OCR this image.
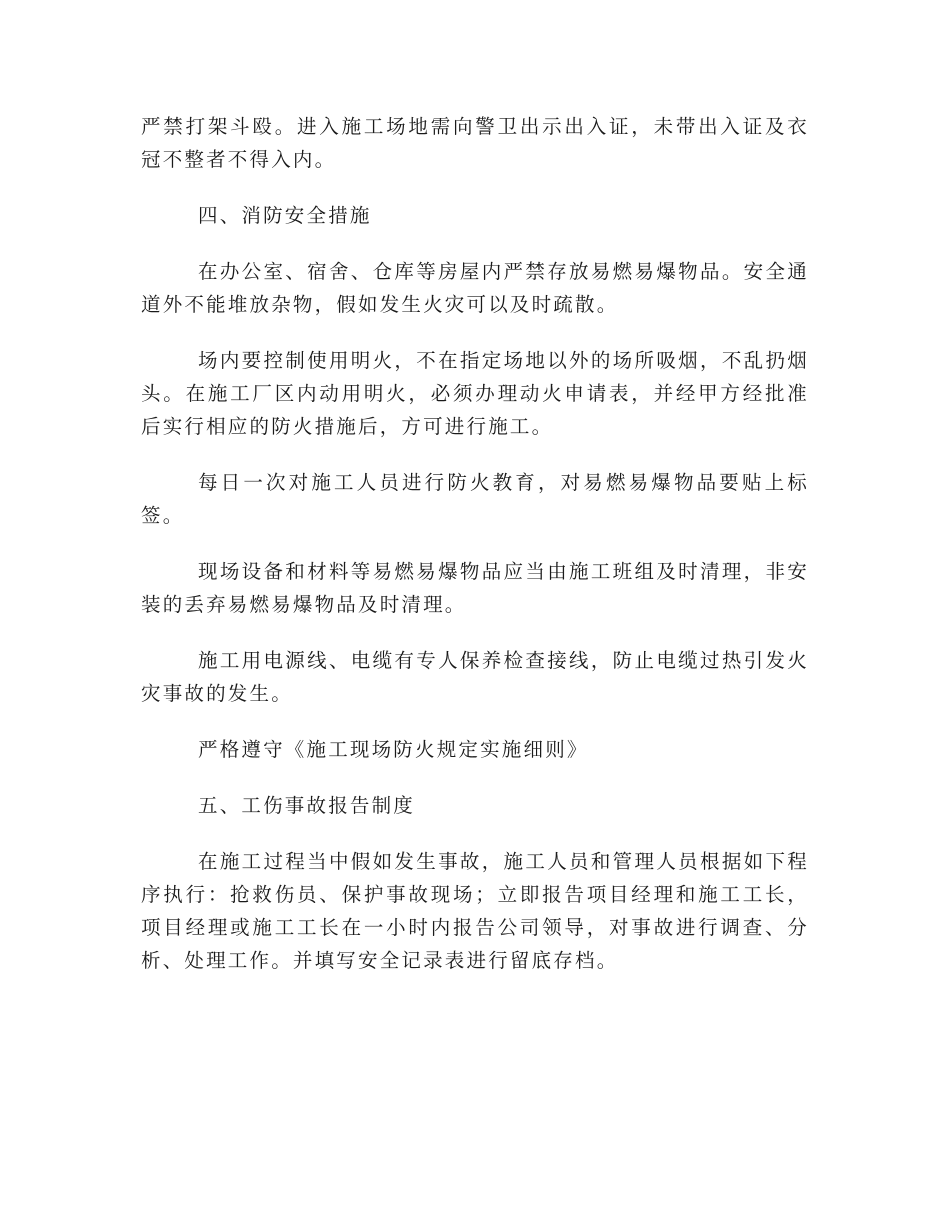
严禁打架斗殴。进入施工场地需向警卫出示出入证，未带出入证及衣冠不整者不得入内。

四、消防安全措施

在办公室、宿舍、仓库等房屋内严禁存放易燃易爆物品。安全通道外不能堆放杂物，假如发生火灾可以及时疏散。

场内要控制使用明火，不在指定场地以外的场所吸烟，不乱扔烟头。在施工厂区内动用明火，必须办理动火申请表，并经甲方经批准后实行相应的防火措施后，方可进行施工。

每日一次对施工人员进行防火教育，对易燃易爆物品要贴上标签。

现场设备和材料等易燃易爆物品应当由施工班组及时清理，非安装的丢弃易燃易爆物品及时清理。

施工用电源线、电缆有专人保养检查接线，防止电缆过热引发火灾事故的发生。

严格遵守《施工现场防火规定实施细则》

五、工伤事故报告制度

在施工过程当中假如发生事故，施工人员和管理人员根据如下程序执行：抢救伤员、保护事故现场；立即报告项目经理和施工工长，项目经理或施工工长在一小时内报告公司领导，对事故进行调查、分析、处理工作。并填写安全记录表进行留底存档。
